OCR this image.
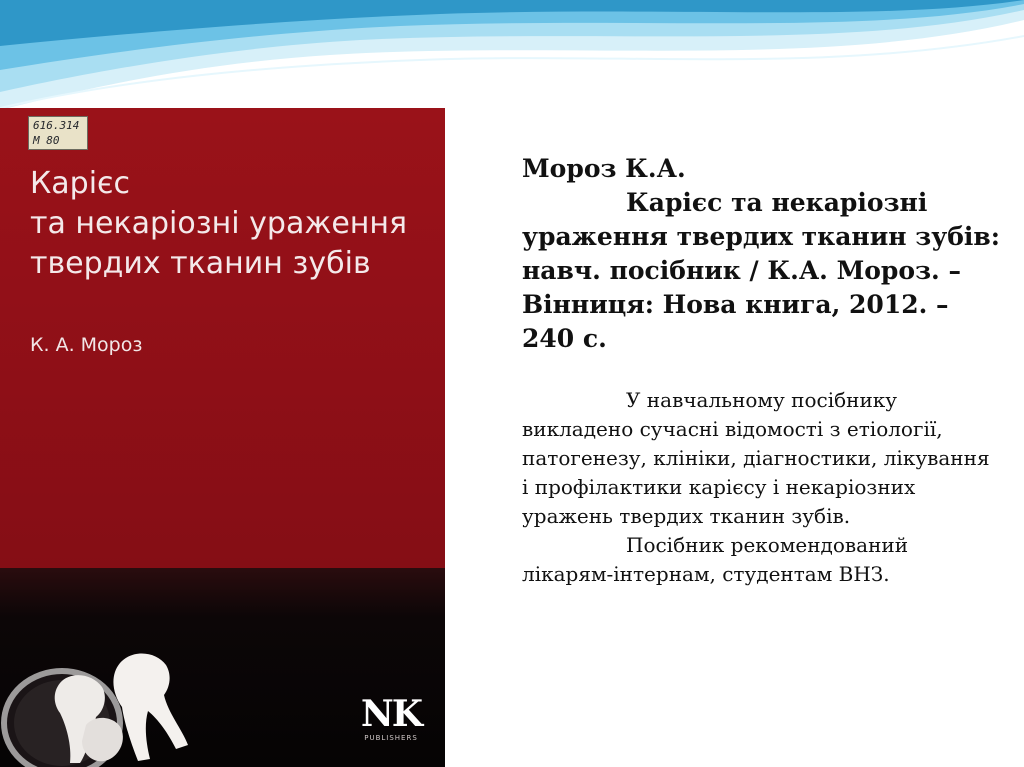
616.314
М 80
Карієс
та некаріозні ураження
твердих тканин зубів
К. А. Мороз
NK
PUBLISHERS
Мороз К.А.
Карієс та некаріозні ураження твердих тканин зубів: навч. посібник / К.А. Мороз. – Вінниця: Нова книга, 2012. – 240 с.
У навчальному посібнику викладено сучасні відомості з етіології, патогенезу, клініки, діагностики, лікування і профілактики карієсу і некаріозних уражень твердих тканин зубів.
Посібник рекомендований лікарям-інтернам, студентам ВНЗ.
